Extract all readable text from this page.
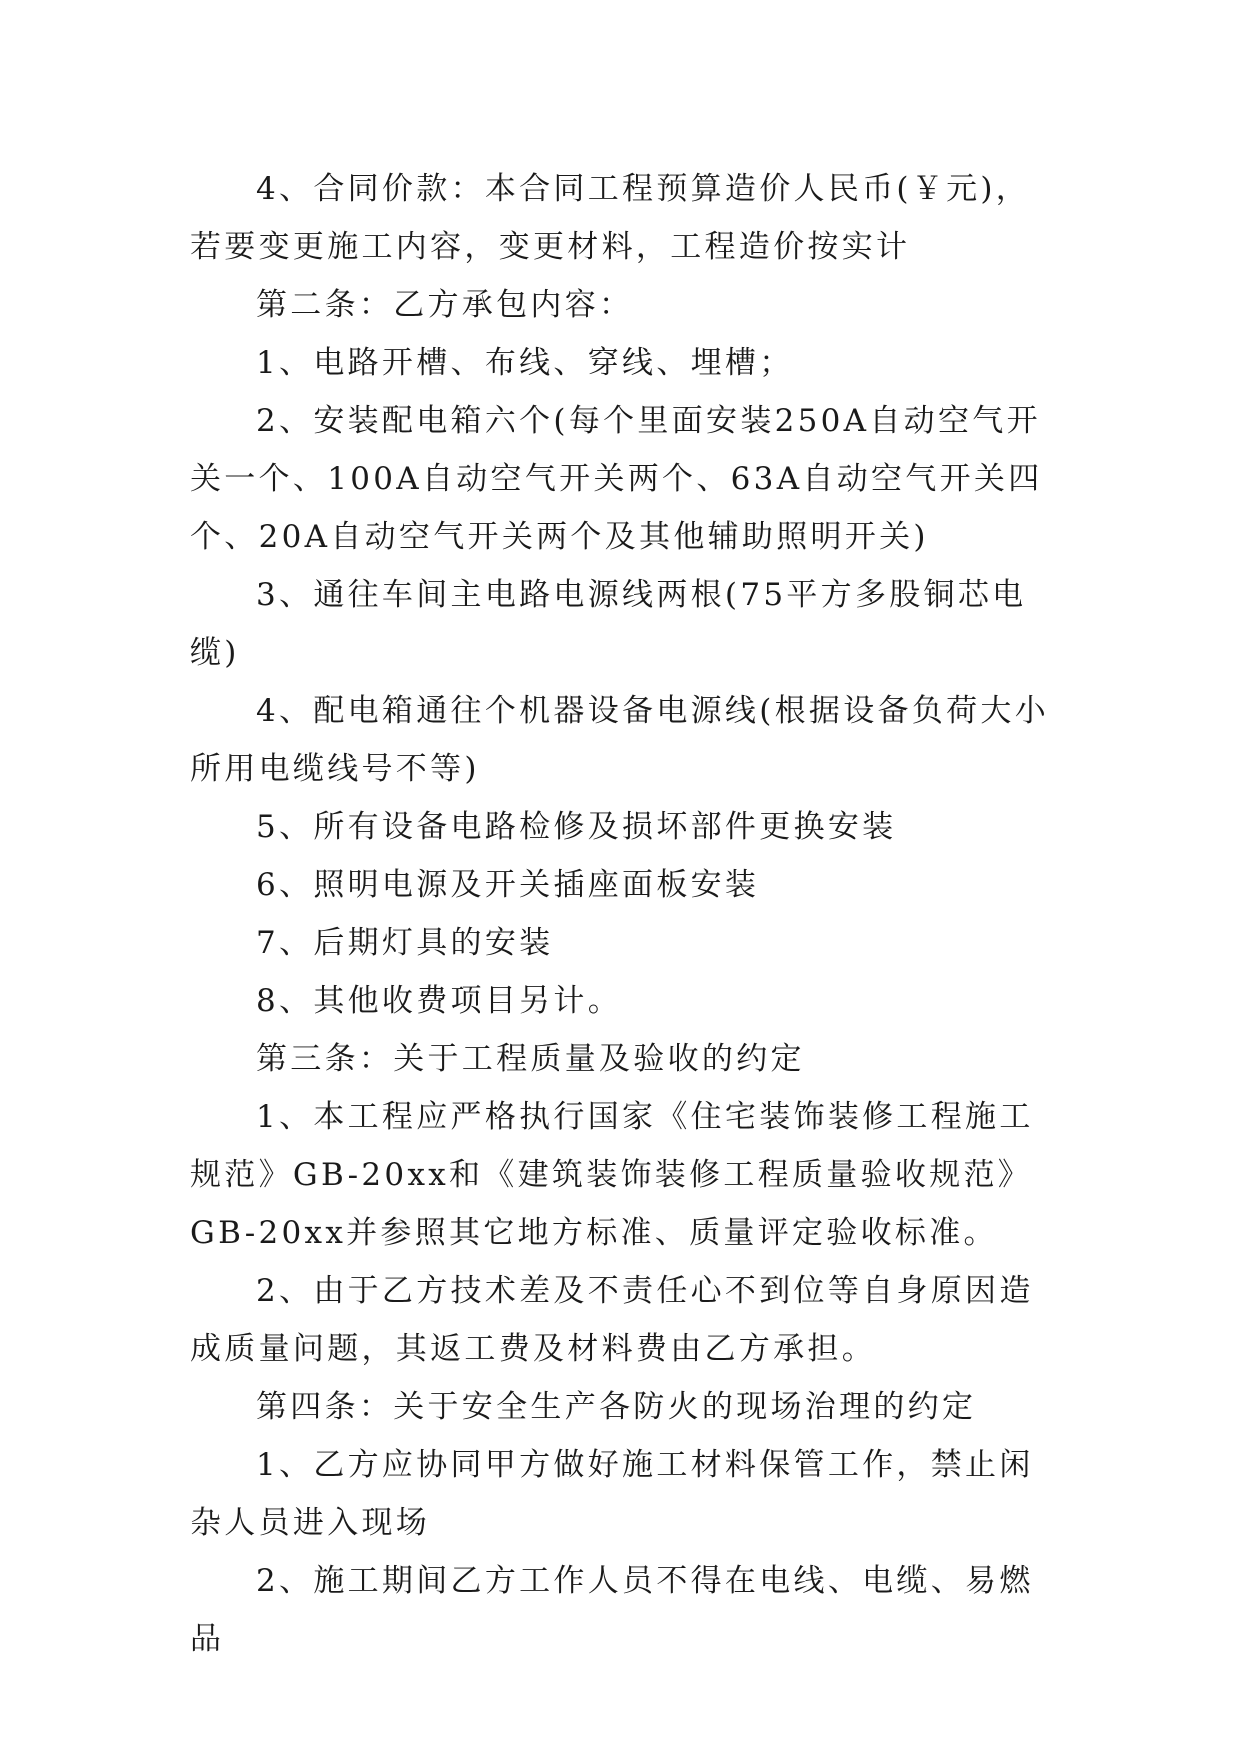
4、合同价款：本合同工程预算造价人民币(￥元)，若要变更施工内容，变更材料，工程造价按实计

第二条：乙方承包内容：

1、电路开槽、布线、穿线、埋槽；

2、安装配电箱六个(每个里面安装250A自动空气开关一个、100A自动空气开关两个、63A自动空气开关四个、20A自动空气开关两个及其他辅助照明开关)

3、通往车间主电路电源线两根(75平方多股铜芯电缆)

4、配电箱通往个机器设备电源线(根据设备负荷大小所用电缆线号不等)

5、所有设备电路检修及损坏部件更换安装

6、照明电源及开关插座面板安装

7、后期灯具的安装

8、其他收费项目另计。

第三条：关于工程质量及验收的约定

1、本工程应严格执行国家《住宅装饰装修工程施工规范》GB-20xx和《建筑装饰装修工程质量验收规范》GB-20xx并参照其它地方标准、质量评定验收标准。

2、由于乙方技术差及不责任心不到位等自身原因造成质量问题，其返工费及材料费由乙方承担。

第四条：关于安全生产各防火的现场治理的约定

1、乙方应协同甲方做好施工材料保管工作，禁止闲杂人员进入现场

2、施工期间乙方工作人员不得在电线、电缆、易燃品
